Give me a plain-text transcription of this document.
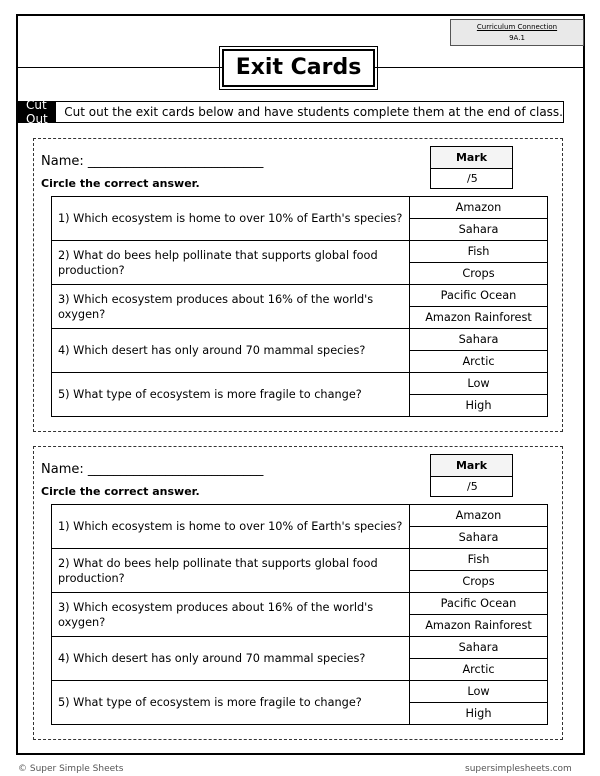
Curriculum Connection
9A.1
Exit Cards
Cut Out	Cut out the exit cards below and have students complete them at the end of class.
Name: ___________________________
Circle the correct answer.
Mark
/5
1) Which ecosystem is home to over 10% of Earth's species?	Amazon
	Sahara
2) What do bees help pollinate that supports global food production?	Fish
	Crops
3) Which ecosystem produces about 16% of the world's oxygen?	Pacific Ocean
	Amazon Rainforest
4) Which desert has only around 70 mammal species?	Sahara
	Arctic
5) What type of ecosystem is more fragile to change?	Low
	High
Name: ___________________________
Circle the correct answer.
Mark
/5
1) Which ecosystem is home to over 10% of Earth's species?	Amazon
	Sahara
2) What do bees help pollinate that supports global food production?	Fish
	Crops
3) Which ecosystem produces about 16% of the world's oxygen?	Pacific Ocean
	Amazon Rainforest
4) Which desert has only around 70 mammal species?	Sahara
	Arctic
5) What type of ecosystem is more fragile to change?	Low
	High
© Super Simple Sheets	supersimplesheets.com
